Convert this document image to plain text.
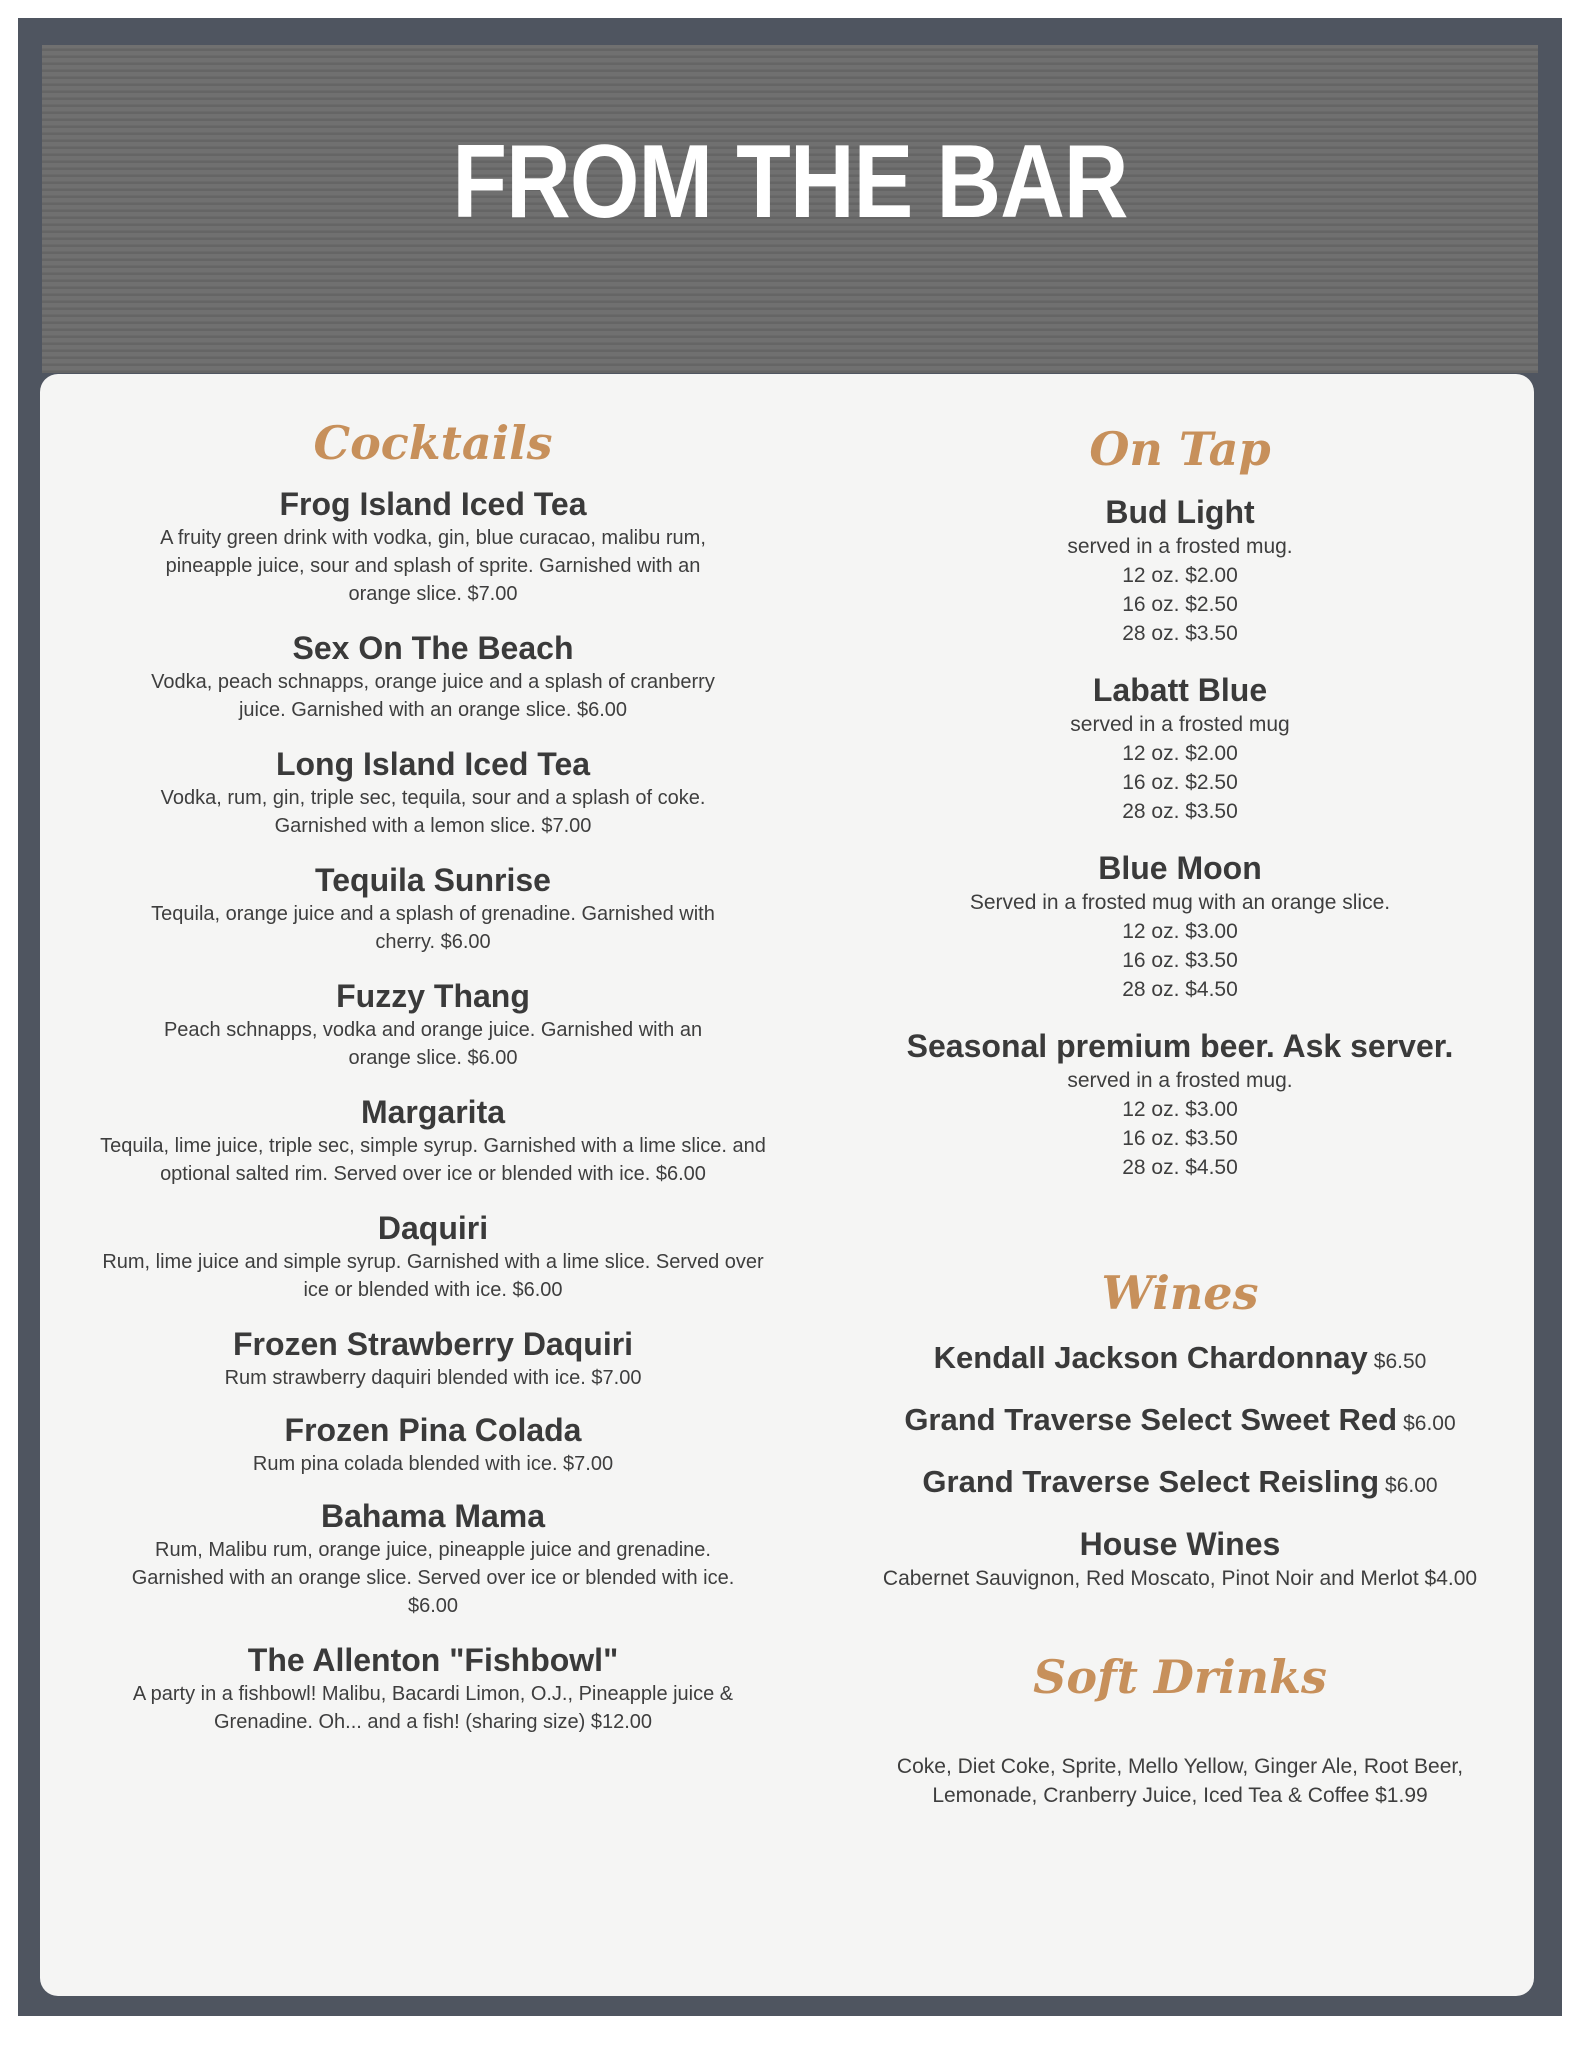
FROM THE BAR
Cocktails
Frog Island Iced Tea
A fruity green drink with vodka, gin, blue curacao, malibu rum, pineapple juice, sour and splash of sprite. Garnished with an orange slice. $7.00
Sex On The Beach
Vodka, peach schnapps, orange juice and a splash of cranberry juice. Garnished with an orange slice. $6.00
Long Island Iced Tea
Vodka, rum, gin, triple sec, tequila, sour and a splash of coke. Garnished with a lemon slice. $7.00
Tequila Sunrise
Tequila, orange juice and a splash of grenadine. Garnished with cherry. $6.00
Fuzzy Thang
Peach schnapps, vodka and orange juice. Garnished with an orange slice. $6.00
Margarita
Tequila, lime juice, triple sec, simple syrup. Garnished with a lime slice. and optional salted rim. Served over ice or blended with ice. $6.00
Daquiri
Rum, lime juice and simple syrup. Garnished with a lime slice. Served over ice or blended with ice. $6.00
Frozen Strawberry Daquiri
Rum strawberry daquiri blended with ice. $7.00
Frozen Pina Colada
Rum pina colada blended with ice. $7.00
Bahama Mama
Rum, Malibu rum, orange juice, pineapple juice and grenadine. Garnished with an orange slice. Served over ice or blended with ice. $6.00
The Allenton "Fishbowl"
A party in a fishbowl! Malibu, Bacardi Limon, O.J., Pineapple juice & Grenadine. Oh... and a fish! (sharing size) $12.00
On Tap
Bud Light
served in a frosted mug.
12 oz. $2.00
16 oz. $2.50
28 oz. $3.50
Labatt Blue
served in a frosted mug
12 oz. $2.00
16 oz. $2.50
28 oz. $3.50
Blue Moon
Served in a frosted mug with an orange slice.
12 oz. $3.00
16 oz. $3.50
28 oz. $4.50
Seasonal premium beer. Ask server.
served in a frosted mug.
12 oz. $3.00
16 oz. $3.50
28 oz. $4.50
Wines
Kendall Jackson Chardonnay $6.50
Grand Traverse Select Sweet Red $6.00
Grand Traverse Select Reisling $6.00
House Wines
Cabernet Sauvignon, Red Moscato, Pinot Noir and Merlot $4.00
Soft Drinks
Coke, Diet Coke, Sprite, Mello Yellow, Ginger Ale, Root Beer, Lemonade, Cranberry Juice, Iced Tea & Coffee $1.99
